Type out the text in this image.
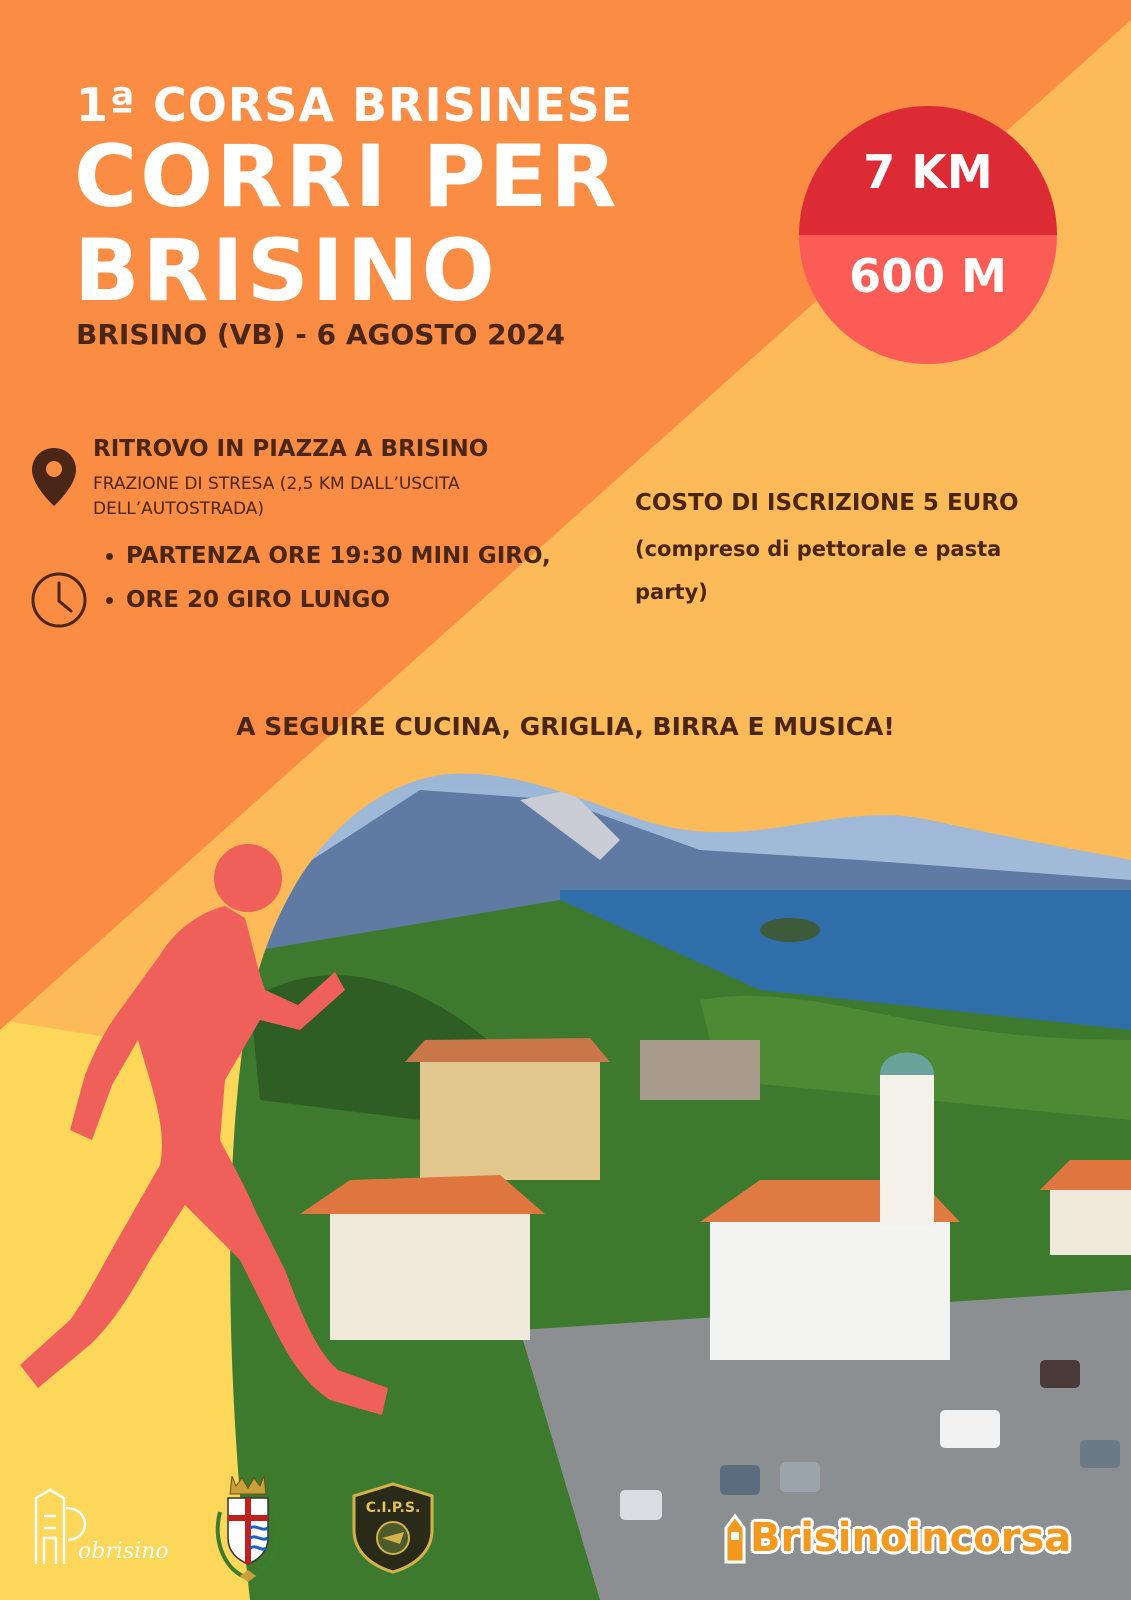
1ª CORSA BRISINESE
CORRI PER
BRISINO
BRISINO (VB) - 6 AGOSTO 2024
7 KM
600 M
RITROVO IN PIAZZA A BRISINO
FRAZIONE DI STRESA (2,5 KM DALL’USCITA DELL’AUTOSTRADA)
• PARTENZA ORE 19:30 MINI GIRO,
• ORE 20 GIRO LUNGO
COSTO DI ISCRIZIONE 5 EURO
(compreso di pettorale e pasta party)
A SEGUIRE CUCINA, GRIGLIA, BIRRA E MUSICA!
obrisino
C.I.P.S.
Brisinoincorsa
